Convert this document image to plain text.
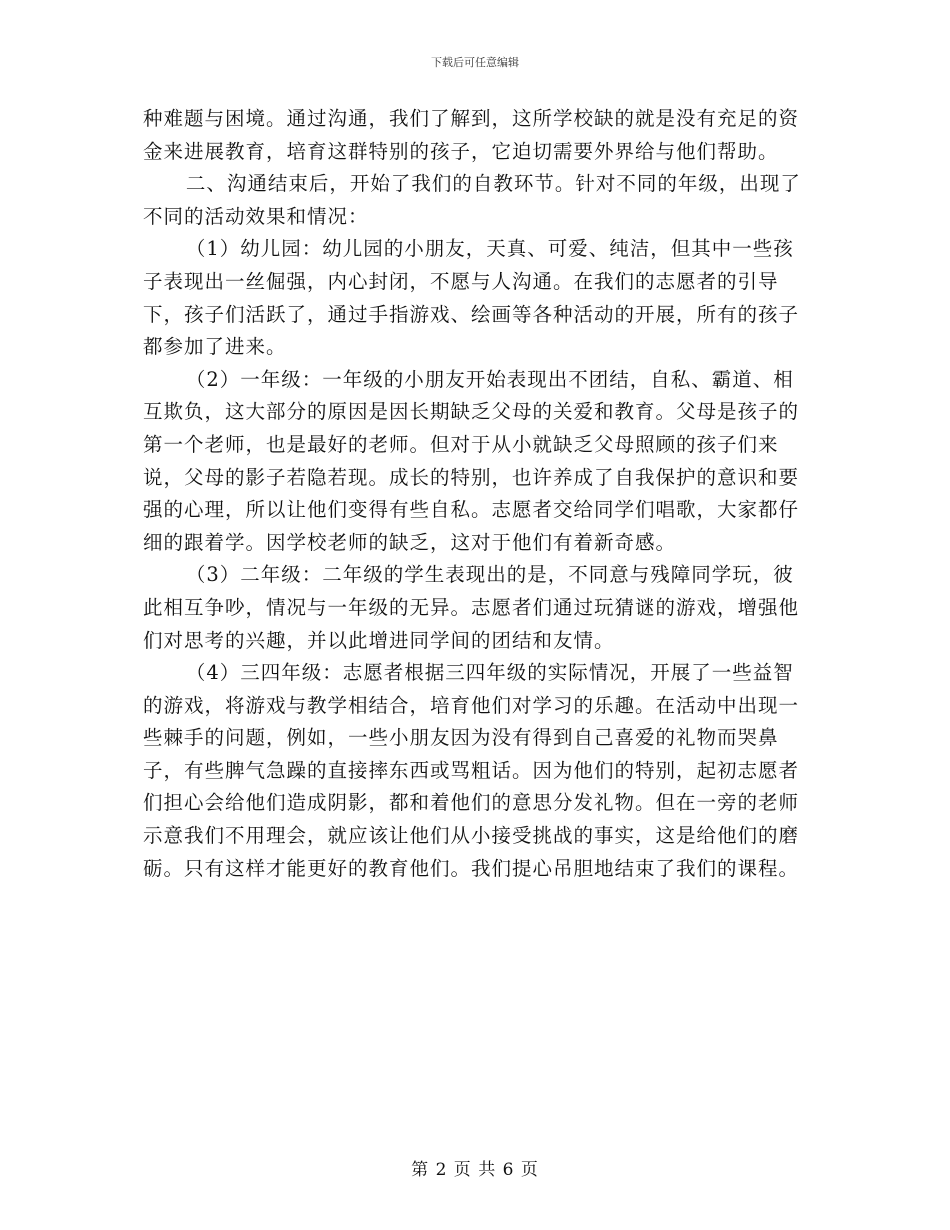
下载后可任意编辑

种难题与困境。通过沟通，我们了解到，这所学校缺的就是没有充足的资金来进展教育，培育这群特别的孩子，它迫切需要外界给与他们帮助。

二、沟通结束后，开始了我们的自教环节。针对不同的年级，出现了不同的活动效果和情况：

（1）幼儿园：幼儿园的小朋友，天真、可爱、纯洁，但其中一些孩子表现出一丝倔强，内心封闭，不愿与人沟通。在我们的志愿者的引导下，孩子们活跃了，通过手指游戏、绘画等各种活动的开展，所有的孩子都参加了进来。

（2）一年级：一年级的小朋友开始表现出不团结，自私、霸道、相互欺负，这大部分的原因是因长期缺乏父母的关爱和教育。父母是孩子的第一个老师，也是最好的老师。但对于从小就缺乏父母照顾的孩子们来说，父母的影子若隐若现。成长的特别，也许养成了自我保护的意识和要强的心理，所以让他们变得有些自私。志愿者交给同学们唱歌，大家都仔细的跟着学。因学校老师的缺乏，这对于他们有着新奇感。

（3）二年级：二年级的学生表现出的是，不同意与残障同学玩，彼此相互争吵，情况与一年级的无异。志愿者们通过玩猜谜的游戏，增强他们对思考的兴趣，并以此增进同学间的团结和友情。

（4）三四年级：志愿者根据三四年级的实际情况，开展了一些益智的游戏，将游戏与教学相结合，培育他们对学习的乐趣。在活动中出现一些棘手的问题，例如，一些小朋友因为没有得到自己喜爱的礼物而哭鼻子，有些脾气急躁的直接摔东西或骂粗话。因为他们的特别，起初志愿者们担心会给他们造成阴影，都和着他们的意思分发礼物。但在一旁的老师示意我们不用理会，就应该让他们从小接受挑战的事实，这是给他们的磨砺。只有这样才能更好的教育他们。我们提心吊胆地结束了我们的课程。

第 2 页 共 6 页
